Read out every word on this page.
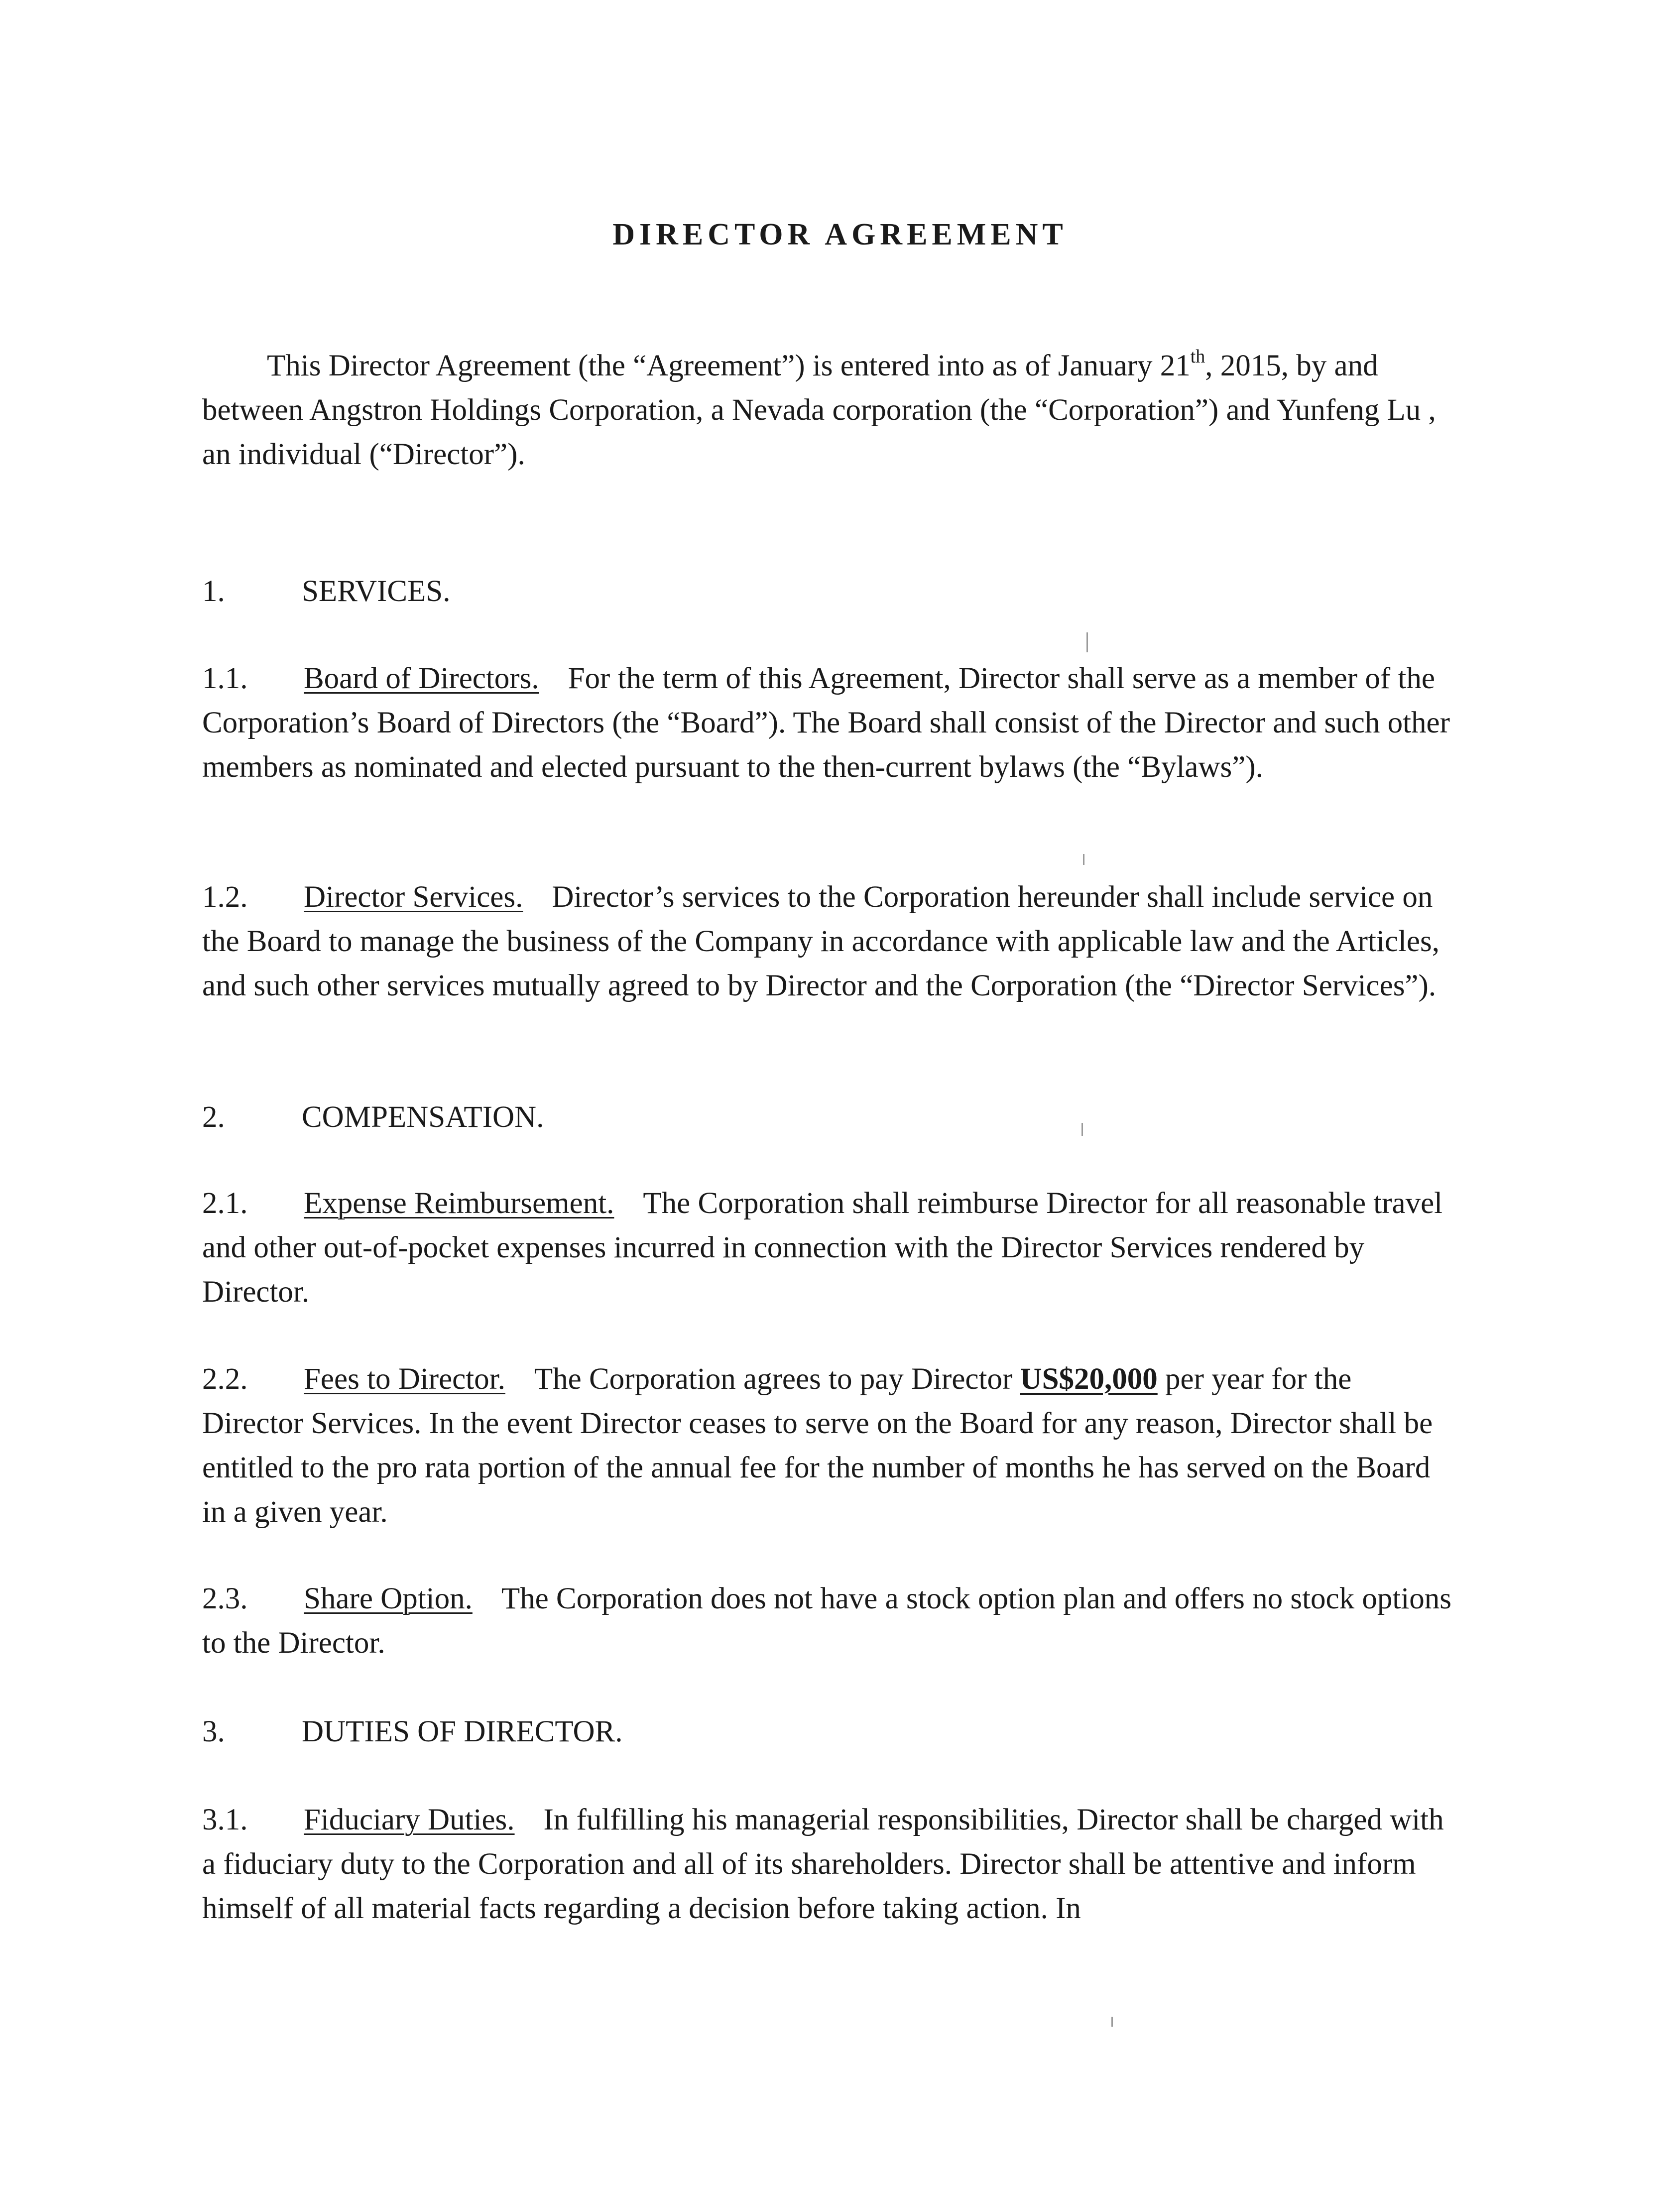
DIRECTOR AGREEMENT

This Director Agreement (the “Agreement”) is entered into as of January 21th, 2015, by and between Angstron Holdings Corporation, a Nevada corporation (the “Corporation”) and Yunfeng Lu , an individual (“Director”).

1.	SERVICES.

1.1. Board of Directors. For the term of this Agreement, Director shall serve as a member of the Corporation’s Board of Directors (the “Board”). The Board shall consist of the Director and such other members as nominated and elected pursuant to the then-current bylaws (the “Bylaws”).

1.2. Director Services. Director’s services to the Corporation hereunder shall include service on the Board to manage the business of the Company in accordance with applicable law and the Articles, and such other services mutually agreed to by Director and the Corporation (the “Director Services”).

2.	COMPENSATION.

2.1. Expense Reimbursement. The Corporation shall reimburse Director for all reasonable travel and other out-of-pocket expenses incurred in connection with the Director Services rendered by Director.

2.2. Fees to Director. The Corporation agrees to pay Director US$20,000 per year for the Director Services. In the event Director ceases to serve on the Board for any reason, Director shall be entitled to the pro rata portion of the annual fee for the number of months he has served on the Board in a given year.

2.3. Share Option. The Corporation does not have a stock option plan and offers no stock options to the Director.

3.	DUTIES OF DIRECTOR.

3.1. Fiduciary Duties. In fulfilling his managerial responsibilities, Director shall be charged with a fiduciary duty to the Corporation and all of its shareholders. Director shall be attentive and inform himself of all material facts regarding a decision before taking action. In
